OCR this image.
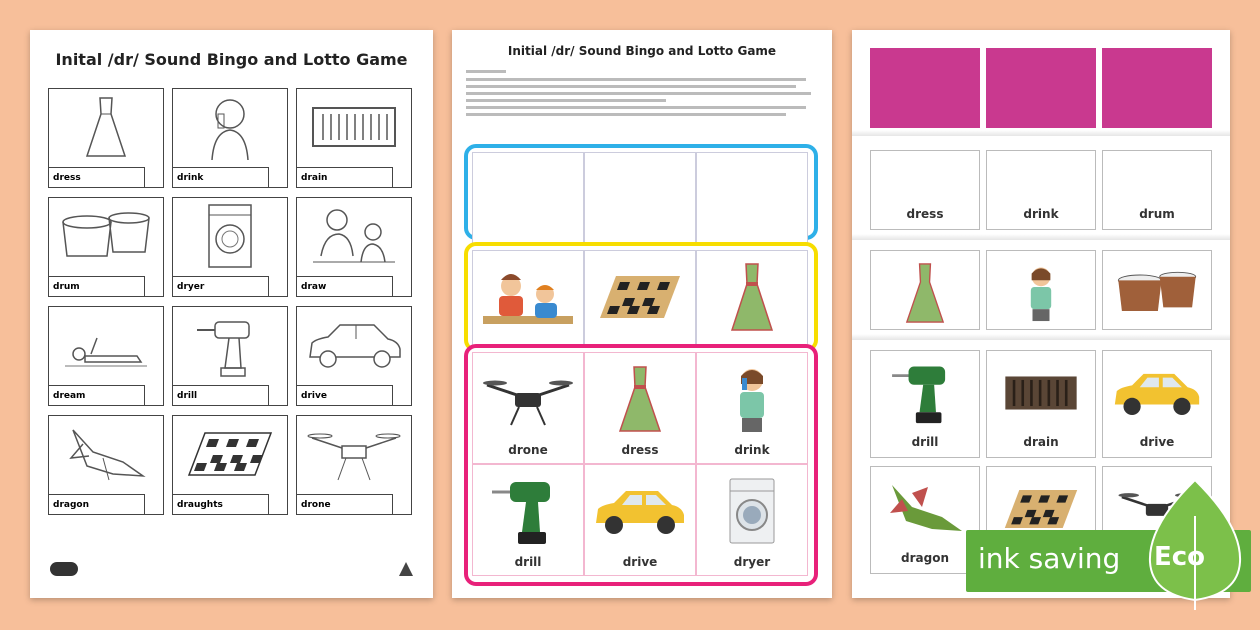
Inital /dr/ Sound Bingo and Lotto Game
dress	drink	drain
drum	dryer	draw
dream	drill	drive
dragon	draughts	drone
Initial /dr/ Sound Bingo and Lotto Game
drone	dress	drink
drill	drive	dryer
dress	drink	drum
drill	drain	drive
dragon	ink saving Eco
